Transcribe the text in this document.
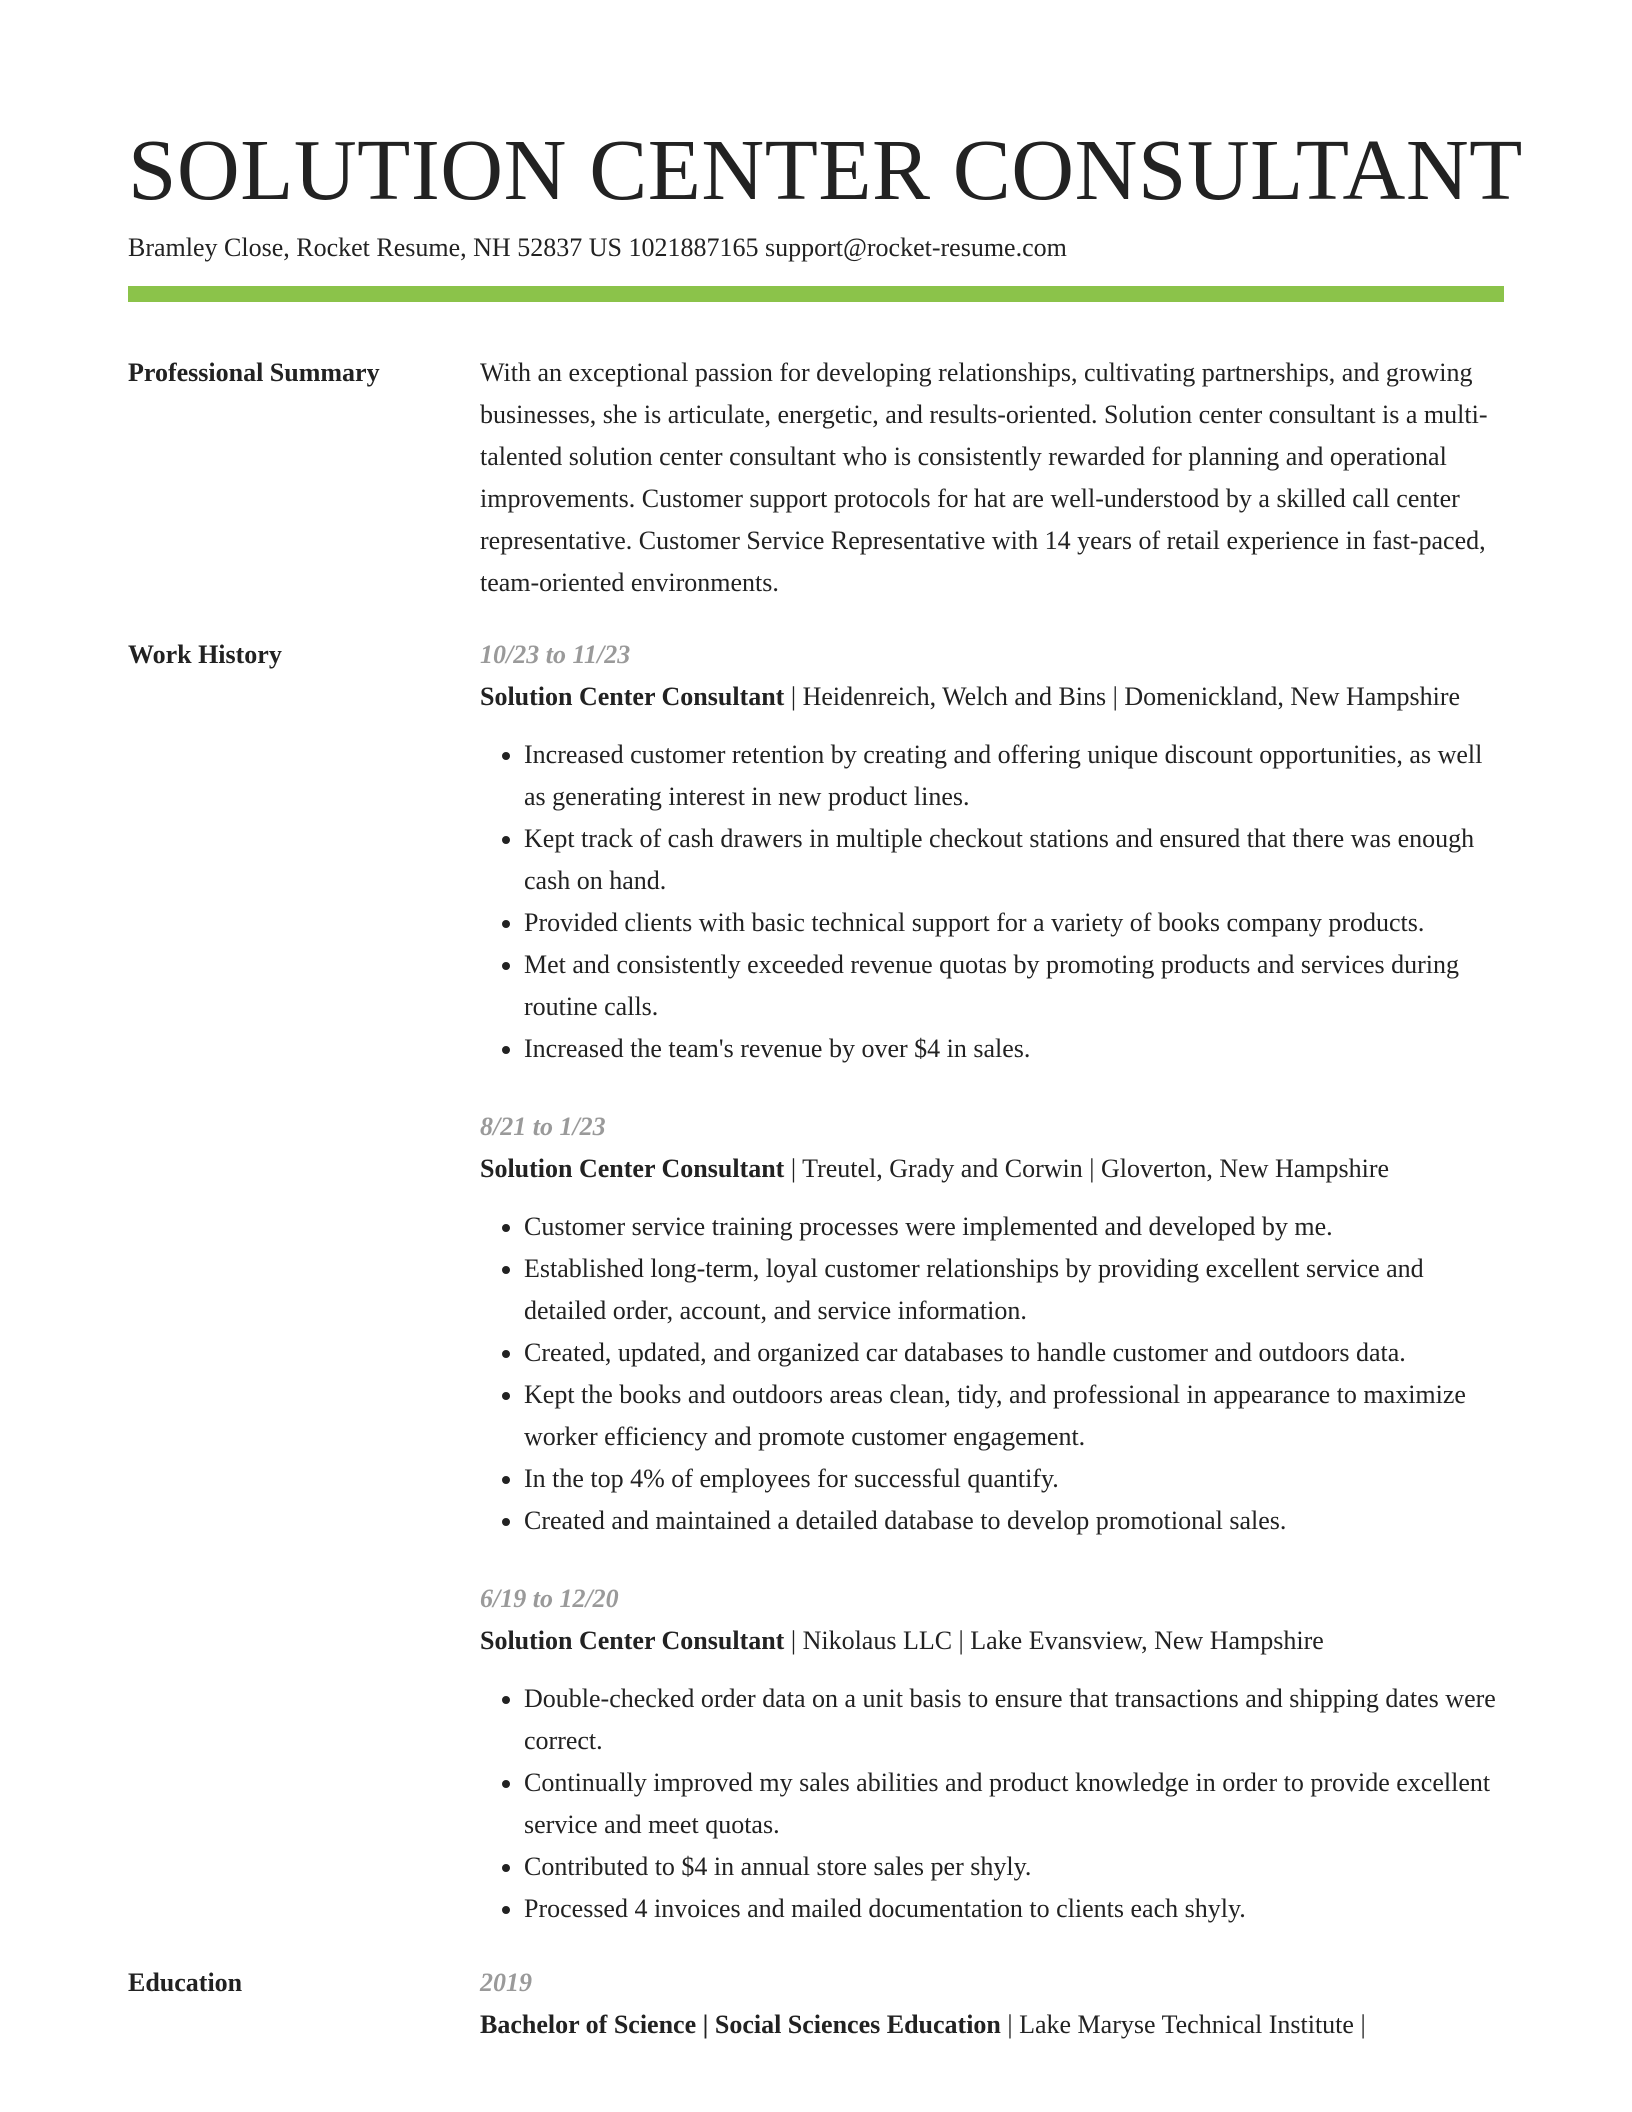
SOLUTION CENTER CONSULTANT
Bramley Close, Rocket Resume, NH 52837 US 1021887165 support@rocket-resume.com
Professional Summary	With an exceptional passion for developing relationships, cultivating partnerships, and growing businesses, she is articulate, energetic, and results-oriented. Solution center consultant is a multi-talented solution center consultant who is consistently rewarded for planning and operational improvements. Customer support protocols for hat are well-understood by a skilled call center representative. Customer Service Representative with 14 years of retail experience in fast-paced, team-oriented environments.
Work History	10/23 to 11/23
Solution Center Consultant | Heidenreich, Welch and Bins | Domenickland, New Hampshire
• Increased customer retention by creating and offering unique discount opportunities, as well as generating interest in new product lines.
• Kept track of cash drawers in multiple checkout stations and ensured that there was enough cash on hand.
• Provided clients with basic technical support for a variety of books company products.
• Met and consistently exceeded revenue quotas by promoting products and services during routine calls.
• Increased the team's revenue by over $4 in sales.
8/21 to 1/23
Solution Center Consultant | Treutel, Grady and Corwin | Gloverton, New Hampshire
• Customer service training processes were implemented and developed by me.
• Established long-term, loyal customer relationships by providing excellent service and detailed order, account, and service information.
• Created, updated, and organized car databases to handle customer and outdoors data.
• Kept the books and outdoors areas clean, tidy, and professional in appearance to maximize worker efficiency and promote customer engagement.
• In the top 4% of employees for successful quantify.
• Created and maintained a detailed database to develop promotional sales.
6/19 to 12/20
Solution Center Consultant | Nikolaus LLC | Lake Evansview, New Hampshire
• Double-checked order data on a unit basis to ensure that transactions and shipping dates were correct.
• Continually improved my sales abilities and product knowledge in order to provide excellent service and meet quotas.
• Contributed to $4 in annual store sales per shyly.
• Processed 4 invoices and mailed documentation to clients each shyly.
Education	2019
Bachelor of Science | Social Sciences Education | Lake Maryse Technical Institute |
